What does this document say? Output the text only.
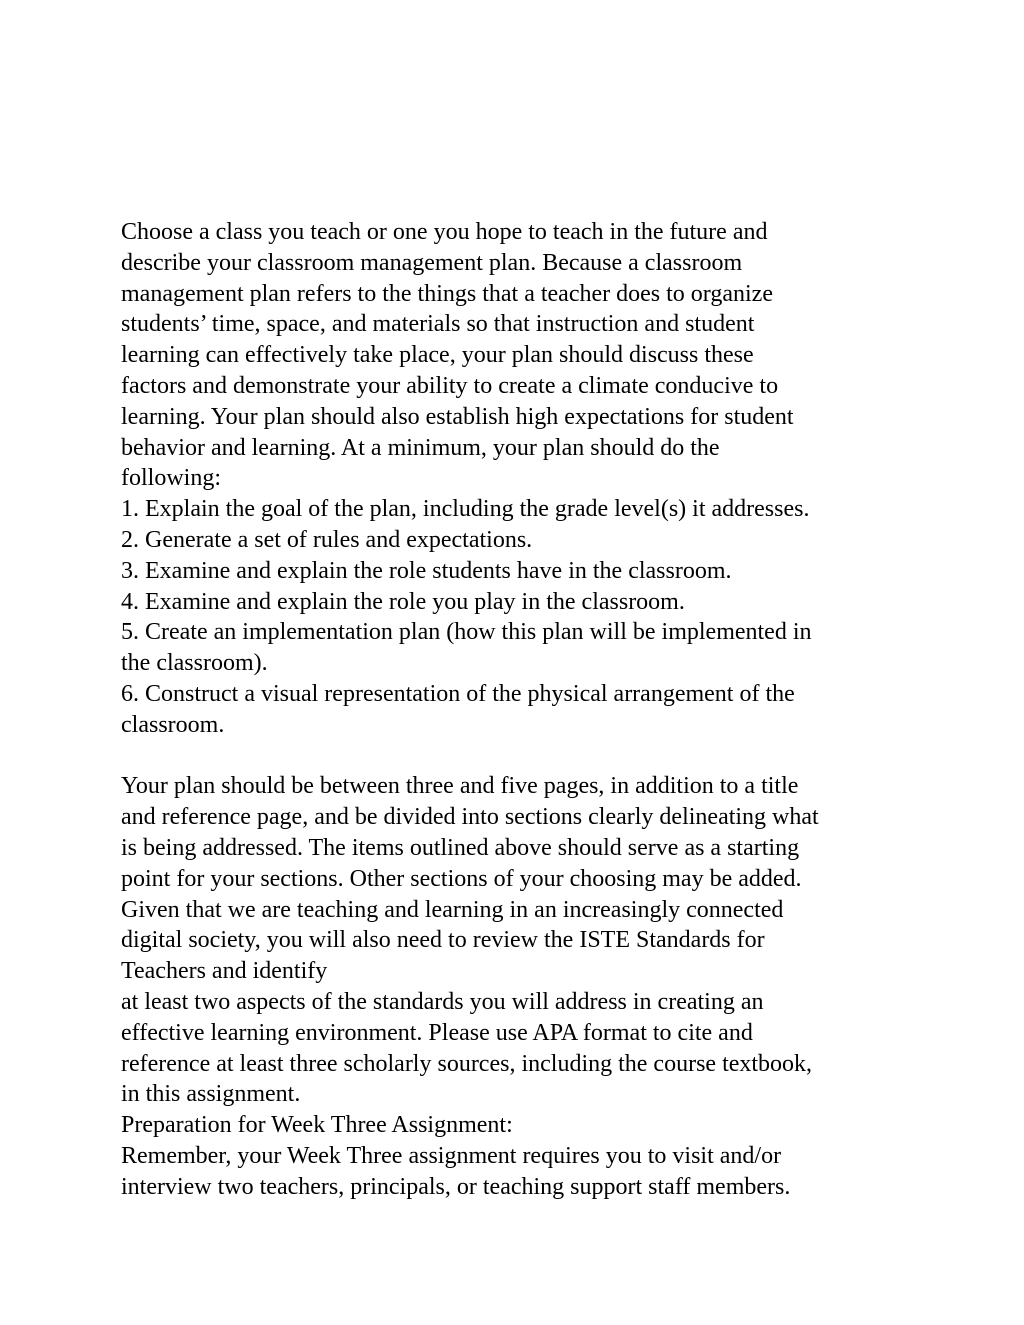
Choose a class you teach or one you hope to teach in the future and
describe your classroom management plan. Because a classroom
management plan refers to the things that a teacher does to organize
students’ time, space, and materials so that instruction and student
learning can effectively take place, your plan should discuss these
factors and demonstrate your ability to create a climate conducive to
learning. Your plan should also establish high expectations for student
behavior and learning. At a minimum, your plan should do the
following:
1. Explain the goal of the plan, including the grade level(s) it addresses.
2. Generate a set of rules and expectations.
3. Examine and explain the role students have in the classroom.
4. Examine and explain the role you play in the classroom.
5. Create an implementation plan (how this plan will be implemented in
the classroom).
6. Construct a visual representation of the physical arrangement of the
classroom.
Your plan should be between three and five pages, in addition to a title
and reference page, and be divided into sections clearly delineating what
is being addressed. The items outlined above should serve as a starting
point for your sections. Other sections of your choosing may be added.
Given that we are teaching and learning in an increasingly connected
digital society, you will also need to review the ISTE Standards for
Teachers and identify
at least two aspects of the standards you will address in creating an
effective learning environment. Please use APA format to cite and
reference at least three scholarly sources, including the course textbook,
in this assignment.
Preparation for Week Three Assignment:
Remember, your Week Three assignment requires you to visit and/or
interview two teachers, principals, or teaching support staff members.
